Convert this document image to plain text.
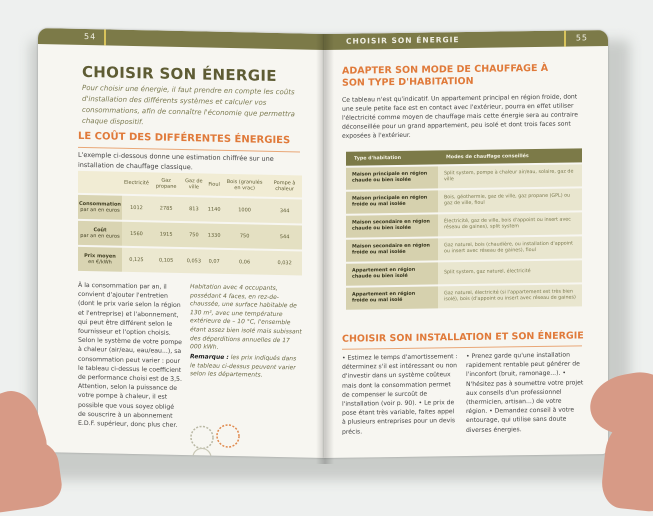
54
CHOISIR SON ÉNERGIE
Pour choisir une énergie, il faut prendre en compte les coûts d'installation des différents systèmes et calculer vos consommations, afin de connaître l'économie que permettra chaque dispositif.
LE COÛT DES DIFFÉRENTES ÉNERGIES
L'exemple ci-dessous donne une estimation chiffrée sur une installation de chauffage classique.
	Electricité	Gaz propane	Gaz de ville	Fioul	Bois (granulés en vrac)	Pompe à chaleur
Consommation
par an en euros	1012	2785	813	1140	1000	344
Coût
par an en euros	1560	1915	750	1330	750	544
Prix moyen
en €/kWh	0,125	0,105	0,053	0,07	0,06	0,032
À la consommation par an, il convient d'ajouter l'entretien (dont le prix varie selon la région et l'entreprise) et l'abonnement, qui peut être différent selon le fournisseur et l'option choisis. Selon le système de votre pompe à chaleur (air/eau, eau/eau...), sa consommation peut varier : pour le tableau ci-dessus le coefficient de performance choisi est de 3,5. Attention, selon la puissance de votre pompe à chaleur, il est possible que vous soyez obligé de souscrire à un abonnement E.D.F. supérieur, donc plus cher.
Habitation avec 4 occupants, possédant 4 faces, en rez-de-chaussée, une surface habitable de 130 m², avec une température extérieure de – 10 °C, l'ensemble étant assez bien isolé mais subissant des déperditions annuelles de 17 000 kWh.
Remarque : les prix indiqués dans le tableau ci-dessus peuvent varier selon les départements.
CHOISIR SON ÉNERGIE	55
ADAPTER SON MODE DE CHAUFFAGE À SON TYPE D'HABITATION
Ce tableau n'est qu'indicatif. Un appartement principal en région froide, dont une seule petite face est en contact avec l'extérieur, pourra en effet utiliser l'électricité comme moyen de chauffage mais cette énergie sera au contraire déconseillée pour un grand appartement, peu isolé et dont trois faces sont exposées à l'extérieur.
Type d'habitation	Modes de chauffage conseillés
Maison principale en région chaude ou bien isolée	Split system, pompe à chaleur air/eau, solaire, gaz de ville
Maison principale en région froide ou mal isolée	Bois, géothermie, gaz de ville, gaz propane (GPL) ou gaz de ville, fioul
Maison secondaire en région chaude ou bien isolée	Électricité, gaz de ville, bois d'appoint ou insert avec réseau de gaines), split system
Maison secondaire en région froide ou mal isolée	Gaz naturel, bois (chaudière, ou installation d'appoint ou insert avec réseau de gaines), fioul
Appartement en région chaude ou bien isolé	Split system, gaz naturel, électricité
Appartement en région froide ou mal isolé	Gaz naturel, électricité (si l'appartement est très bien isolé), bois (d'appoint ou insert avec réseau de gaines)
CHOISIR SON INSTALLATION ET SON ÉNERGIE
• Estimez le temps d'amortissement : déterminez s'il est intéressant ou non d'investir dans un système coûteux mais dont la consommation permet de compenser le surcoût de l'installation (voir p. 90). • Le prix de pose étant très variable, faites appel à plusieurs entreprises pour un devis précis.
• Prenez garde qu'une installation rapidement rentable peut générer de l'inconfort (bruit, ramonage...). • N'hésitez pas à soumettre votre projet aux conseils d'un professionnel (thermicien, artisan...) de votre région. • Demandez conseil à votre entourage, qui utilise sans doute diverses énergies.
